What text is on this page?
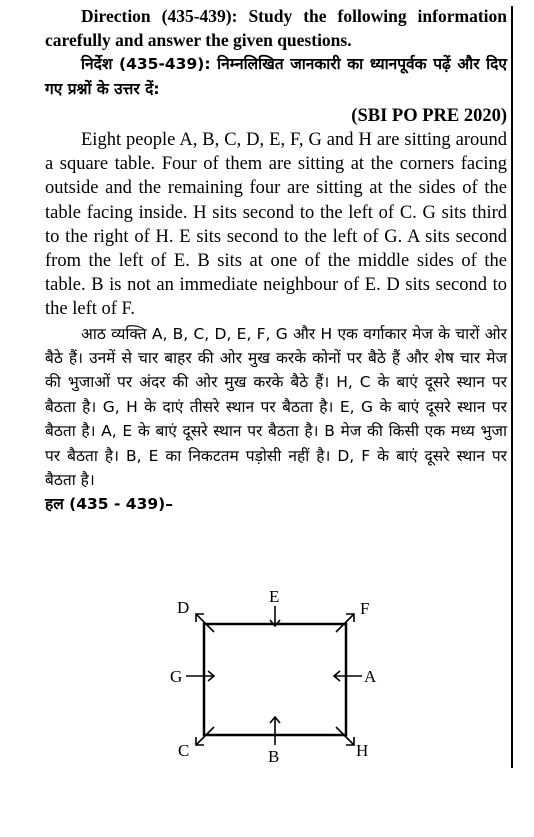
Direction (435-439): Study the following information carefully and answer the given questions.

निर्देश (435-439): निम्नलिखित जानकारी का ध्यानपूर्वक पढ़ें और दिए गए प्रश्नों के उत्तर दें:

(SBI PO PRE 2020)

Eight people A, B, C, D, E, F, G and H are sitting around a square table. Four of them are sitting at the corners facing outside and the remaining four are sitting at the sides of the table facing inside. H sits second to the left of C. G sits third to the right of H. E sits second to the left of G. A sits second from the left of E. B sits at one of the middle sides of the table. B is not an immediate neighbour of E. D sits second to the left of F.

आठ व्यक्ति A, B, C, D, E, F, G और H एक वर्गाकार मेज के चारों ओर बैठे हैं। उनमें से चार बाहर की ओर मुख करके कोनों पर बैठे हैं और शेष चार मेज की भुजाओं पर अंदर की ओर मुख करके बैठे हैं। H, C के बाएं दूसरे स्थान पर बैठता है। G, H के दाएं तीसरे स्थान पर बैठता है। E, G के बाएं दूसरे स्थान पर बैठता है। A, E के बाएं दूसरे स्थान पर बैठता है। B मेज की किसी एक मध्य भुजा पर बैठता है। B, E का निकटतम पड़ोसी नहीं है। D, F के बाएं दूसरे स्थान पर बैठता है।

हल (435 - 439)–

D
E
F
G	A
C	B	H
